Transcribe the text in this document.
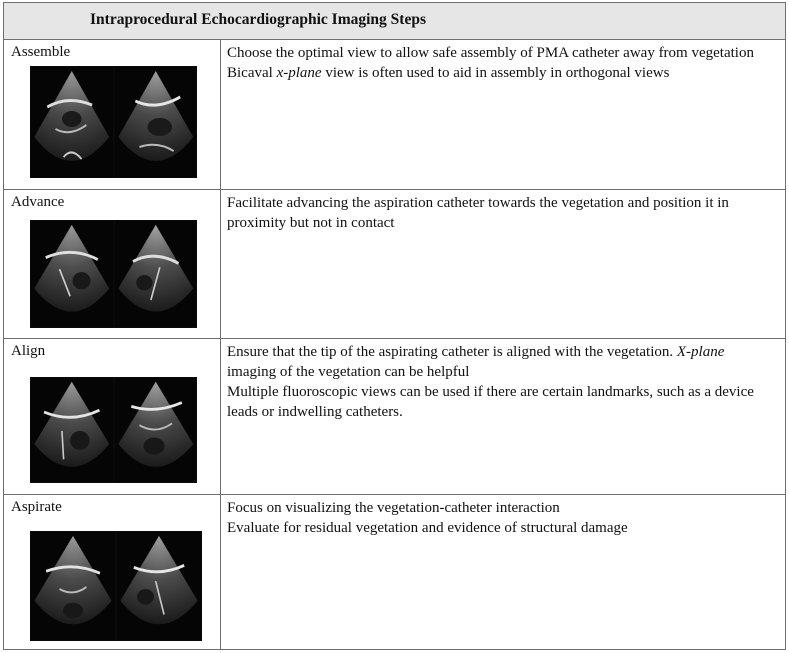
Intraprocedural Echocardiographic Imaging Steps
Assemble	Choose the optimal view to allow safe assembly of PMA catheter away from vegetation

Bicaval x-plane view is often used to aid in assembly in orthogonal views

Advance	Facilitate advancing the aspiration catheter towards the vegetation and position it in proximity but not in contact

Align	Ensure that the tip of the aspirating catheter is aligned with the vegetation. X-plane imaging of the vegetation can be helpful

Multiple fluoroscopic views can be used if there are certain landmarks, such as a device leads or indwelling catheters.

Aspirate	Focus on visualizing the vegetation-catheter interaction

Evaluate for residual vegetation and evidence of structural damage
